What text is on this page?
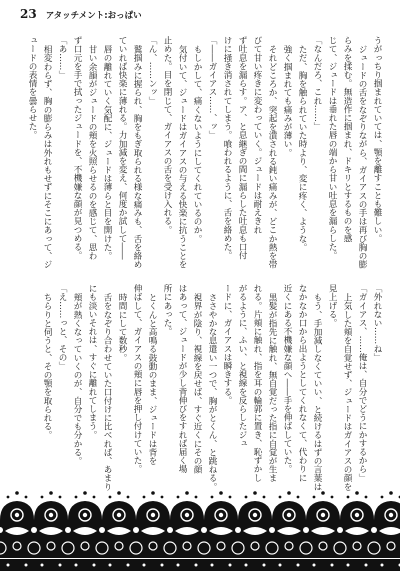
23 アタッチメント:おっぱい
うがっちり掴まれていては、顎を離すことも難しい。
ジュードの舌をなぞりながら、ガイアスの手は再び胸の膨
らみを揉む。無造作に掴まれ、ドキリとするものを感
じて、ジュードは垂れた唇の端から甘い吐息を漏らした。
「なんだろ、これ……」
ただ、胸を触られていた時より、変に疼く、ような。
強く掴まれても痛みが薄い。
それどころか、突起を潰される鈍い痛みが、どこか熱を帯
びて甘い疼きに変わっていく。ジュードは耐えきれ
ず吐息を漏らす。ア、と息継ぎの間に漏らした吐息も口付
けに掻き消されてしまう。喰われるように、舌を絡めた。
「――ガイアス……、ッ」
もしかして、痛くないようにしてくれているのか。
気付いて、ジュードはガイアスの与える快楽に抗うことを
止めた。目を閉じて、ガイアスの舌を受け入れる。
「ん、……ンッ」
鷲掴みに握られ、胸をもぎ取られる様な痛みも、舌を絡め
ていれば快楽に薄れる。力加減を変え、何度か試して――
唇の離れていく気配に、ジュードは薄らと目を開けた。
甘い余韻がジュードの頬を火照らせるのを感じて、思わ
ず口元を手で拭ったジュードを、不機嫌な顔が見つめる。
「あ……」
相変わらず、胸の膨らみは外れもせずにそこにあって、ジ
ュードの表情を曇らせた。
「外れない……ね」
「ガイアス、……俺は、自分でどうにかするから」
上気した頬を自覚せず、ジュードはガイアスの顔を
見上げる。
もう、手加減しなくていい、と続けるはずの言葉は
なかなか口から出ようとしてくれなくて、代わりに
近くにある不機嫌な顔へ――手を伸ばしていた。
黒髪が指先に触れ、無自覚だった指に自覚が生ま
れる。片頬に触れ、指を耳の輪郭に置き、恥ずかし
がるように、ふい、と視線を反らしたジュ
ードに、ガイアスは瞬きする。
ささやかな息遣い一つで、胸がとくん、と跳ねる。
視界が陰り、視線を戻せば、すぐ近くにその顔
はあって、ジュードが少し背伸びをすれば届く場
所にあった。
とくんと高鳴る鼓動のまま、ジュードは背を
伸ばして、ガイアスの頬に唇を押し付けていた。
時間にして数秒。
舌をなぞり合わせていた口付けに比べれば、あまり
にも淡いそれは、すぐに離れてしまう。
頬が熱くなっていくのが、自分でも分かる。
「え……っと、その」
ちらりと伺うと、その顎を取られる。
